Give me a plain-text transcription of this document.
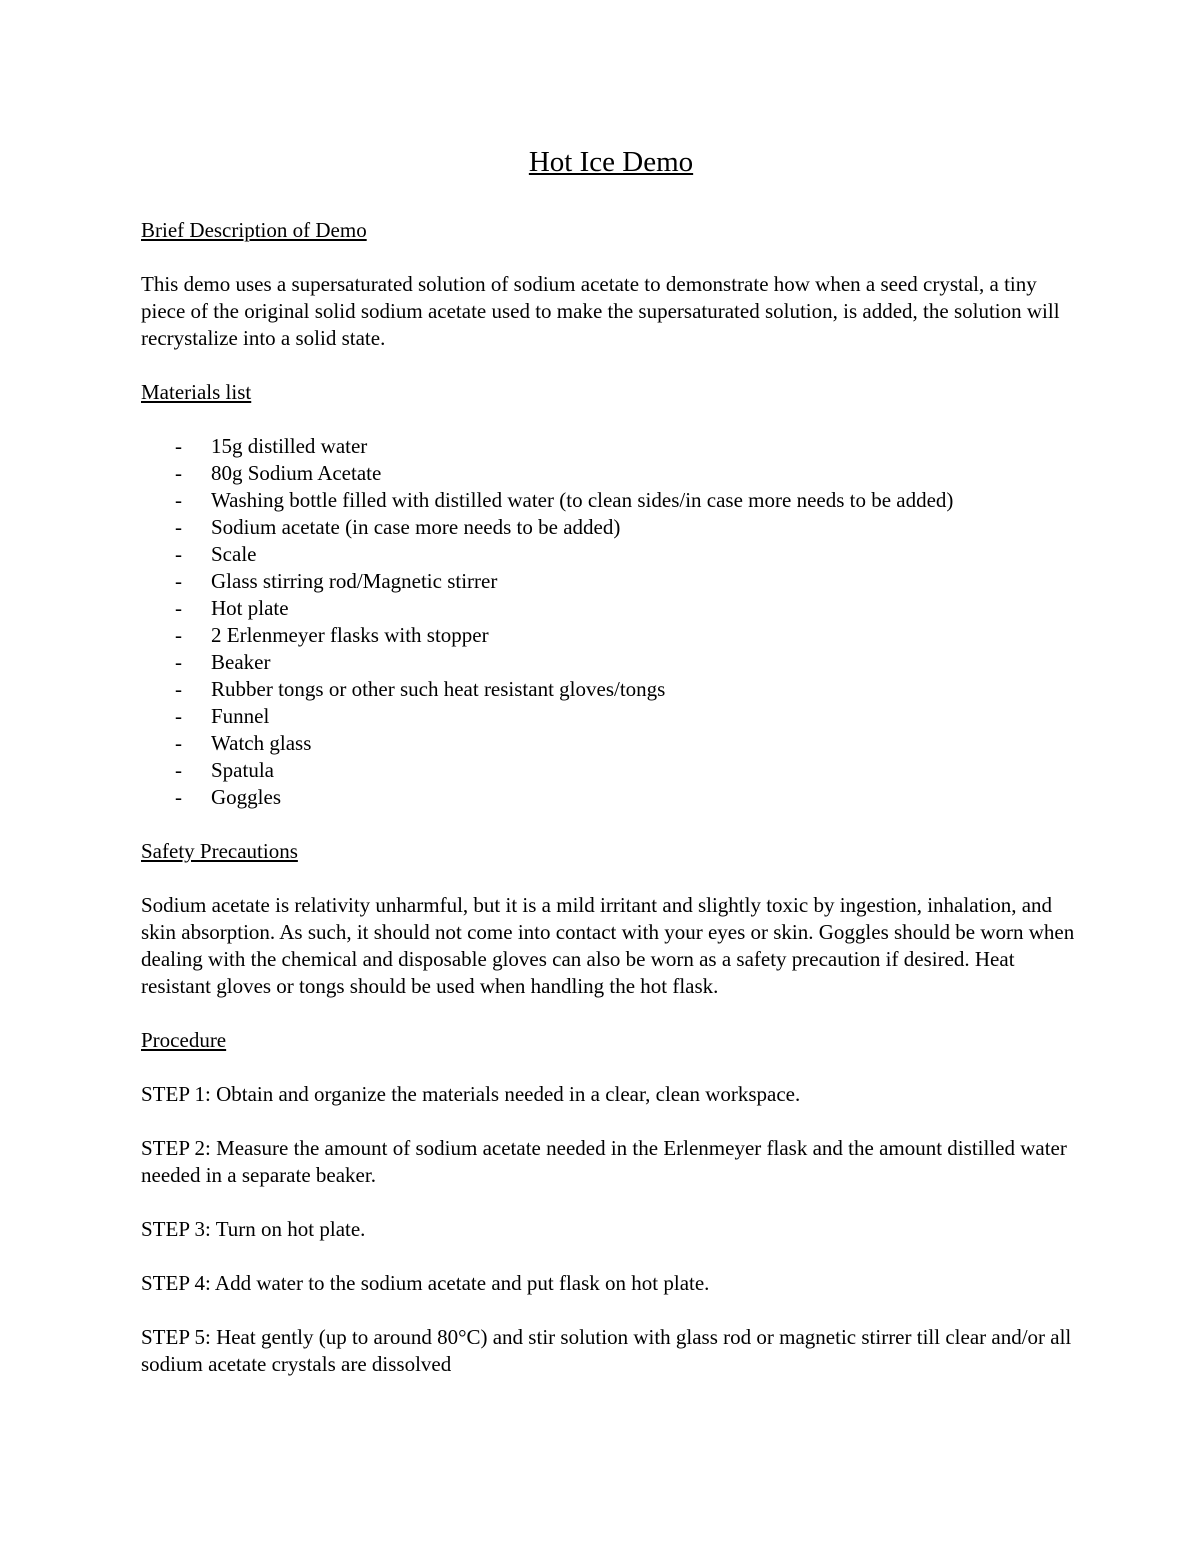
Hot Ice Demo

Brief Description of Demo

This demo uses a supersaturated solution of sodium acetate to demonstrate how when a seed crystal, a tiny piece of the original solid sodium acetate used to make the supersaturated solution, is added, the solution will recrystalize into a solid state.

Materials list

- 15g distilled water
- 80g Sodium Acetate
- Washing bottle filled with distilled water (to clean sides/in case more needs to be added)
- Sodium acetate (in case more needs to be added)
- Scale
- Glass stirring rod/Magnetic stirrer
- Hot plate
- 2 Erlenmeyer flasks with stopper
- Beaker
- Rubber tongs or other such heat resistant gloves/tongs
- Funnel
- Watch glass
- Spatula
- Goggles

Safety Precautions

Sodium acetate is relativity unharmful, but it is a mild irritant and slightly toxic by ingestion, inhalation, and skin absorption. As such, it should not come into contact with your eyes or skin. Goggles should be worn when dealing with the chemical and disposable gloves can also be worn as a safety precaution if desired. Heat resistant gloves or tongs should be used when handling the hot flask.

Procedure

STEP 1: Obtain and organize the materials needed in a clear, clean workspace.

STEP 2: Measure the amount of sodium acetate needed in the Erlenmeyer flask and the amount distilled water needed in a separate beaker.

STEP 3: Turn on hot plate.

STEP 4: Add water to the sodium acetate and put flask on hot plate.

STEP 5: Heat gently (up to around 80°C) and stir solution with glass rod or magnetic stirrer till clear and/or all sodium acetate crystals are dissolved
